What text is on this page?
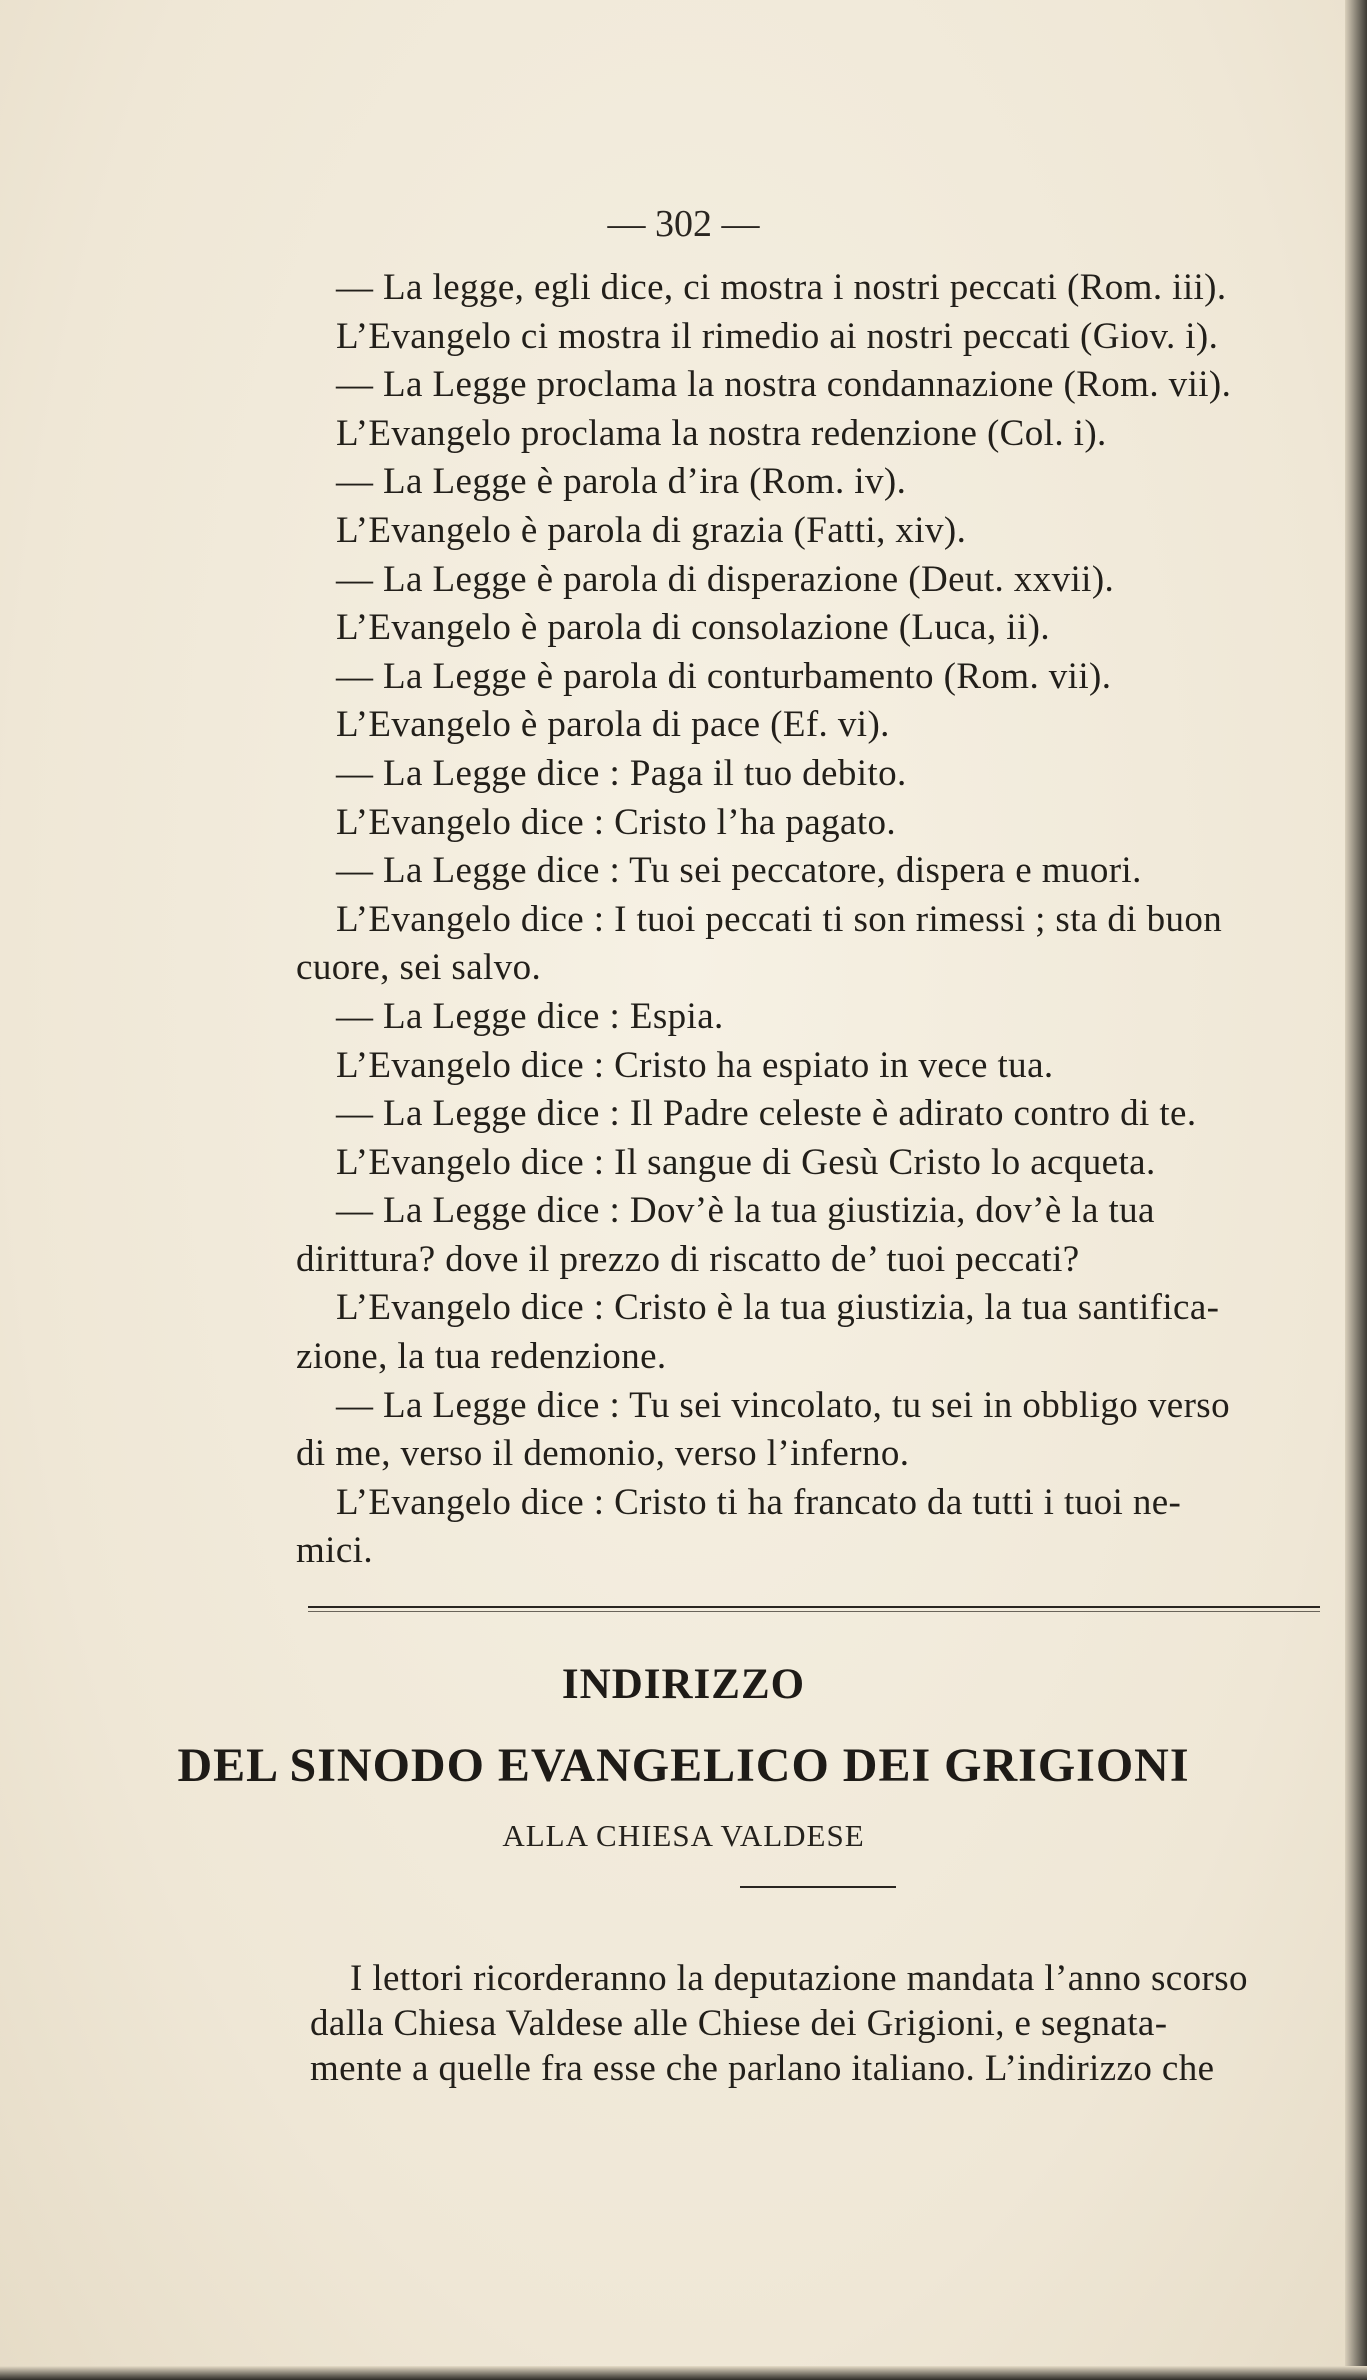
— 302 —
— La legge, egli dice, ci mostra i nostri peccati (Rom. iii).
L’Evangelo ci mostra il rimedio ai nostri peccati (Giov. i).
— La Legge proclama la nostra condannazione (Rom. vii).
L’Evangelo proclama la nostra redenzione (Col. i).
— La Legge è parola d’ira (Rom. iv).
L’Evangelo è parola di grazia (Fatti, xiv).
— La Legge è parola di disperazione (Deut. xxvii).
L’Evangelo è parola di consolazione (Luca, ii).
— La Legge è parola di conturbamento (Rom. vii).
L’Evangelo è parola di pace (Ef. vi).
— La Legge dice : Paga il tuo debito.
L’Evangelo dice : Cristo l’ha pagato.
— La Legge dice : Tu sei peccatore, dispera e muori.
L’Evangelo dice : I tuoi peccati ti son rimessi ; sta di buon
cuore, sei salvo.
— La Legge dice : Espia.
L’Evangelo dice : Cristo ha espiato in vece tua.
— La Legge dice : Il Padre celeste è adirato contro di te.
L’Evangelo dice : Il sangue di Gesù Cristo lo acqueta.
— La Legge dice : Dov’è la tua giustizia, dov’è la tua
dirittura? dove il prezzo di riscatto de’ tuoi peccati?
L’Evangelo dice : Cristo è la tua giustizia, la tua santifica-
zione, la tua redenzione.
— La Legge dice : Tu sei vincolato, tu sei in obbligo verso
di me, verso il demonio, verso l’inferno.
L’Evangelo dice : Cristo ti ha francato da tutti i tuoi ne-
mici.
INDIRIZZO
DEL SINODO EVANGELICO DEI GRIGIONI
ALLA CHIESA VALDESE
I lettori ricorderanno la deputazione mandata l’anno scorso
dalla Chiesa Valdese alle Chiese dei Grigioni, e segnata-
mente a quelle fra esse che parlano italiano. L’indirizzo che
